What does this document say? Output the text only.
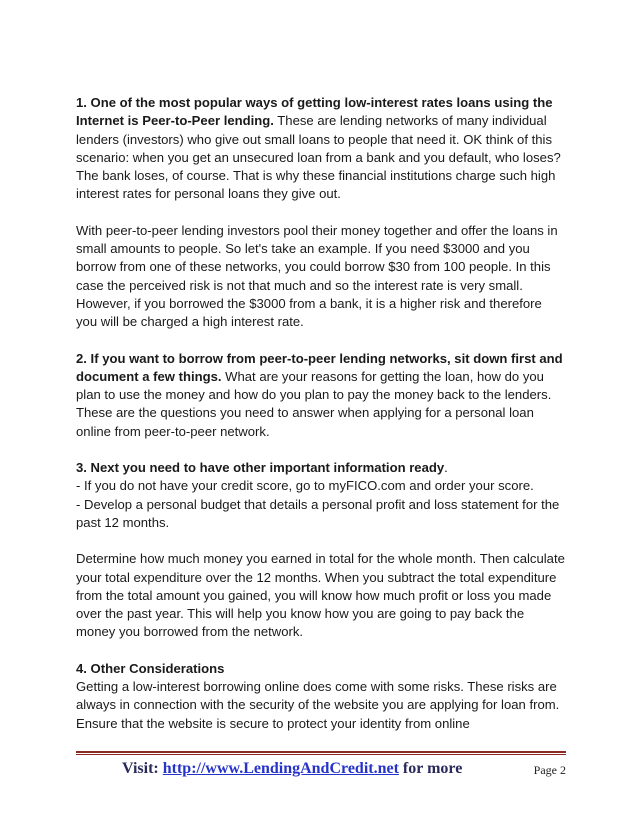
1. One of the most popular ways of getting low-interest rates loans using the Internet is Peer-to-Peer lending. These are lending networks of many individual lenders (investors) who give out small loans to people that need it. OK think of this scenario: when you get an unsecured loan from a bank and you default, who loses? The bank loses, of course. That is why these financial institutions charge such high interest rates for personal loans they give out.

With peer-to-peer lending investors pool their money together and offer the loans in small amounts to people. So let's take an example. If you need $3000 and you borrow from one of these networks, you could borrow $30 from 100 people. In this case the perceived risk is not that much and so the interest rate is very small. However, if you borrowed the $3000 from a bank, it is a higher risk and therefore you will be charged a high interest rate.

2. If you want to borrow from peer-to-peer lending networks, sit down first and document a few things. What are your reasons for getting the loan, how do you plan to use the money and how do you plan to pay the money back to the lenders. These are the questions you need to answer when applying for a personal loan online from peer-to-peer network.

3. Next you need to have other important information ready.
- If you do not have your credit score, go to myFICO.com and order your score.
- Develop a personal budget that details a personal profit and loss statement for the past 12 months.

Determine how much money you earned in total for the whole month. Then calculate your total expenditure over the 12 months. When you subtract the total expenditure from the total amount you gained, you will know how much profit or loss you made over the past year. This will help you know how you are going to pay back the money you borrowed from the network.

4. Other Considerations
Getting a low-interest borrowing online does come with some risks. These risks are always in connection with the security of the website you are applying for loan from. Ensure that the website is secure to protect your identity from online

Visit: http://www.LendingAndCredit.net for more	Page 2
